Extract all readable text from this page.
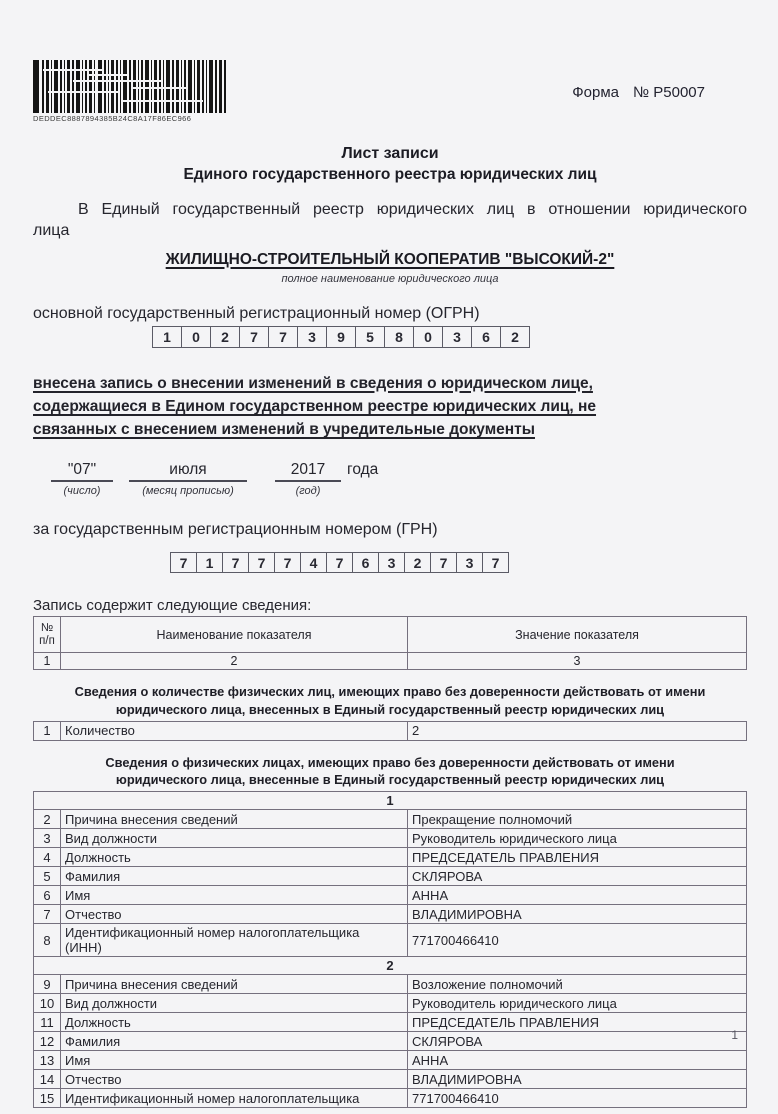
DEDDEC8887894385B24C8A17F86EC966
Форма № Р50007
Лист записи
Единого государственного реестра юридических лиц
В Единый государственный реестр юридических лиц в отношении юридического
лица
ЖИЛИЩНО-СТРОИТЕЛЬНЫЙ КООПЕРАТИВ "ВЫСОКИЙ-2"
полное наименование юридического лица
основной государственный регистрационный номер (ОГРН)
1	0	2	7	7	3	9	5	8	0	3	6	2
внесена запись о внесении изменений в сведения о юридическом лице,
содержащиеся в Едином государственном реестре юридических лиц, не
связанных с внесением изменений в учредительные документы
"07"
(число)
июля
(месяц прописью)
2017
(год)
года
за государственным регистрационным номером (ГРН)
7	1	7	7	7	4	7	6	3	2	7	3	7
Запись содержит следующие сведения:
№
п/п	Наименование показателя	Значение показателя
1	2	3
Сведения о количестве физических лиц, имеющих право без доверенности действовать от имени юридического лица, внесенных в Единый государственный реестр юридических лиц
1	Количество	2
Сведения о физических лицах, имеющих право без доверенности действовать от имени юридического лица, внесенные в Единый государственный реестр юридических лиц
1		
2	Причина внесения сведений	Прекращение полномочий
3	Вид должности	Руководитель юридического лица
4	Должность	ПРЕДСЕДАТЕЛЬ ПРАВЛЕНИЯ
5	Фамилия	СКЛЯРОВА
6	Имя	АННА
7	Отчество	ВЛАДИМИРОВНА
8	Идентификационный номер налогоплательщика (ИНН)	771700466410
2		
9	Причина внесения сведений	Возложение полномочий
10	Вид должности	Руководитель юридического лица
11	Должность	ПРЕДСЕДАТЕЛЬ ПРАВЛЕНИЯ
12	Фамилия	СКЛЯРОВА
13	Имя	АННА
14	Отчество	ВЛАДИМИРОВНА
15	Идентификационный номер налогоплательщика	771700466410
1
